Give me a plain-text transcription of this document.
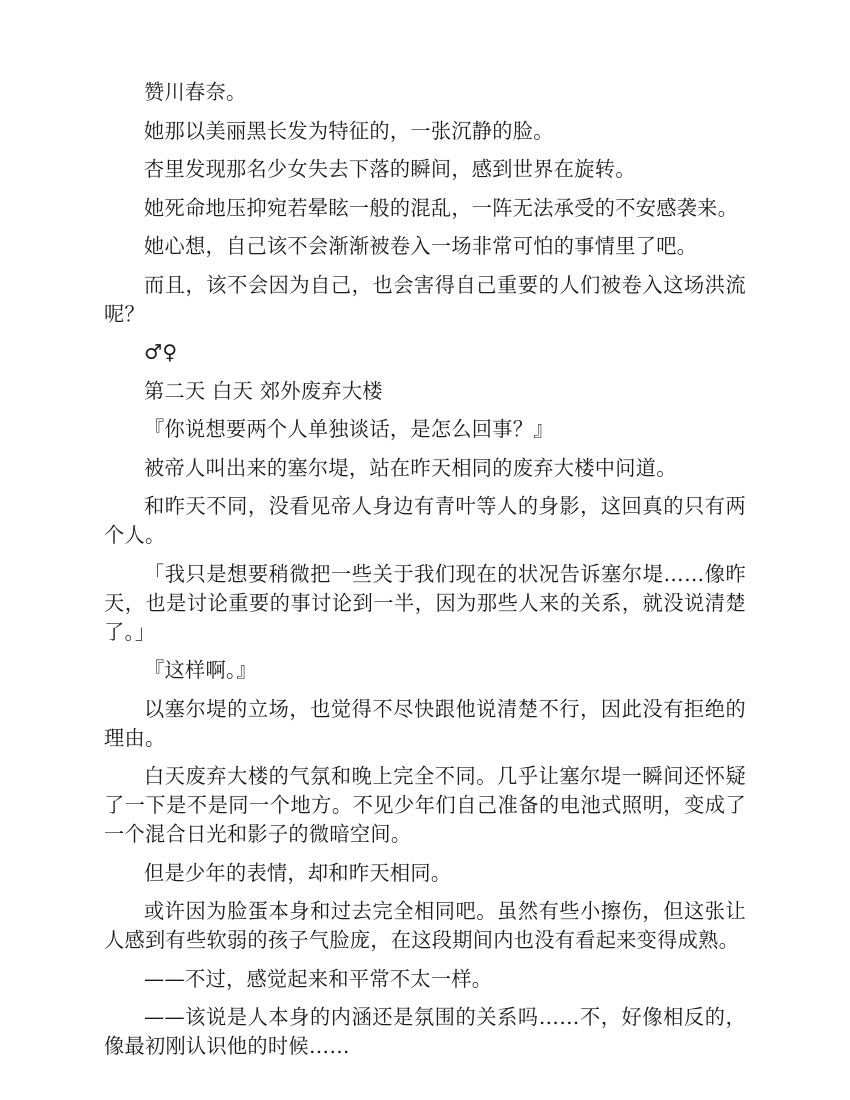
赞川春奈。

她那以美丽黑长发为特征的，一张沉静的脸。

杏里发现那名少女失去下落的瞬间，感到世界在旋转。

她死命地压抑宛若晕眩一般的混乱，一阵无法承受的不安感袭来。

她心想，自己该不会渐渐被卷入一场非常可怕的事情里了吧。

而且，该不会因为自己，也会害得自己重要的人们被卷入这场洪流呢？

♂♀

第二天 白天 郊外废弃大楼

『你说想要两个人单独谈话，是怎么回事？』

被帝人叫出来的塞尔堤，站在昨天相同的废弃大楼中问道。

和昨天不同，没看见帝人身边有青叶等人的身影，这回真的只有两个人。

「我只是想要稍微把一些关于我们现在的状况告诉塞尔堤……像昨天，也是讨论重要的事讨论到一半，因为那些人来的关系，就没说清楚了。」

『这样啊。』

以塞尔堤的立场，也觉得不尽快跟他说清楚不行，因此没有拒绝的理由。

白天废弃大楼的气氛和晚上完全不同。几乎让塞尔堤一瞬间还怀疑了一下是不是同一个地方。不见少年们自己准备的电池式照明，变成了一个混合日光和影子的微暗空间。

但是少年的表情，却和昨天相同。

或许因为脸蛋本身和过去完全相同吧。虽然有些小擦伤，但这张让人感到有些软弱的孩子气脸庞，在这段期间内也没有看起来变得成熟。

——不过，感觉起来和平常不太一样。

——该说是人本身的内涵还是氛围的关系吗……不，好像相反的，像最初刚认识他的时候……
